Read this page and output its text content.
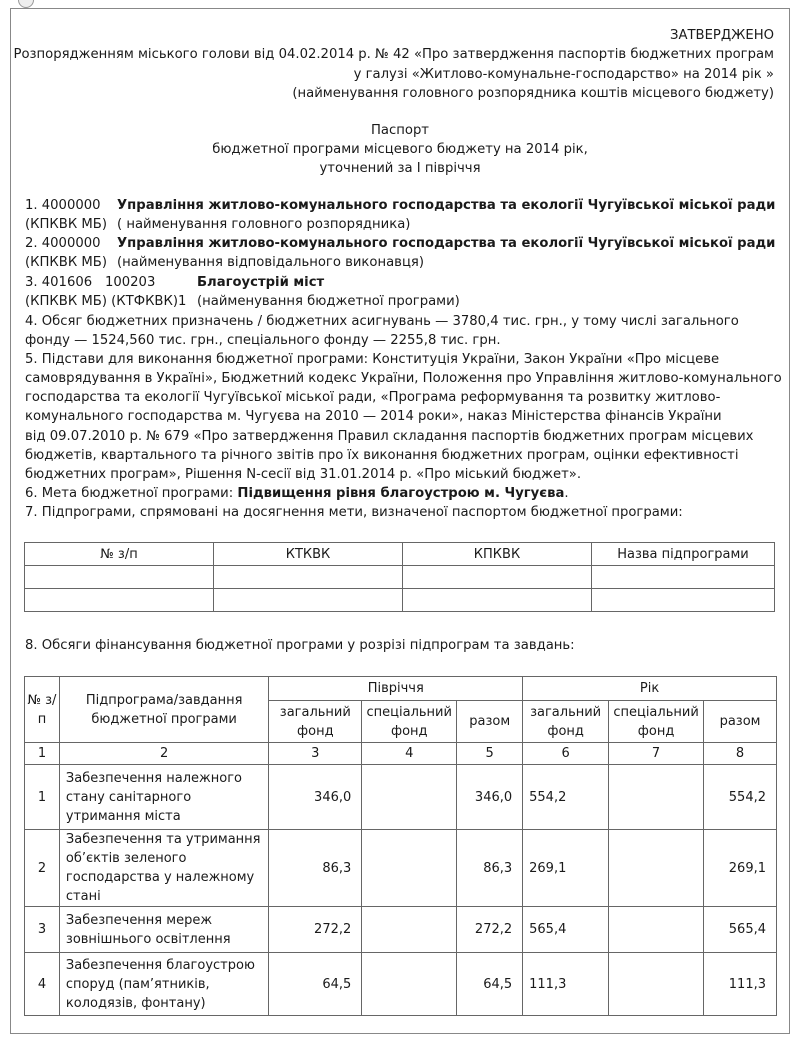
ЗАТВЕРДЖЕНО
Розпорядженням міського голови від 04.02.2014 р. № 42 «Про затвердження паспортів бюджетних програм
у галузі «Житлово-комунальне-господарство» на 2014 рік »
(найменування головного розпорядника коштів місцевого бюджету)
Паспорт
бюджетної програми місцевого бюджету на 2014 рік,
уточнений за I півріччя
1. 4000000 Управління житлово-комунального господарства та екології Чугуївської міської ради
(КПКВК МБ) ( найменування головного розпорядника)
2. 4000000 Управління житлово-комунального господарства та екології Чугуївської міської ради
(КПКВК МБ) (найменування відповідального виконавця)
3. 401606 100203	Благоустрій міст
(КПКВК МБ) (КТФКВК)1 (найменування бюджетної програми)
4. Обсяг бюджетних призначень / бюджетних асигнувань — 3780,4 тис. грн., у тому числі загального
фонду — 1524,560 тис. грн., спеціального фонду — 2255,8 тис. грн.
5. Підстави для виконання бюджетної програми: Конституція України, Закон України «Про місцеве
самоврядування в Україні», Бюджетний кодекс України, Положення про Управління житлово-комунального
господарства та екології Чугуївської міської ради, «Програма реформування та розвитку житлово-
комунального господарства м. Чугуєва на 2010 — 2014 роки», наказ Міністерства фінансів України
від 09.07.2010 р. № 679 «Про затвердження Правил складання паспортів бюджетних програм місцевих
бюджетів, квартального та річного звітів про їх виконання бюджетних програм, оцінки ефективності
бюджетних програм», Рішення N-сесії від 31.01.2014 р. «Про міський бюджет».
6. Мета бюджетної програми: Підвищення рівня благоустрою м. Чугуєва.
7. Підпрограми, спрямовані на досягнення мети, визначеної паспортом бюджетної програми:
№ з/п	КТКВК	КПКВК	Назва підпрограми

8. Обсяги фінансування бюджетної програми у розрізі підпрограм та завдань:
№ з/п	Підпрограма/завдання бюджетної програми	Півріччя			Рік		
		загальний фонд	спеціальний фонд	разом	загальний фонд	спеціальний фонд	разом
1	2	3	4	5	6	7	8
1	Забезпечення належного стану санітарного утримання міста	346,0		346,0	554,2		554,2
2	Забезпечення та утримання об’єктів зеленого господарства у належному стані	86,3		86,3	269,1		269,1
3	Забезпечення мереж зовнішнього освітлення	272,2		272,2	565,4		565,4
4	Забезпечення благоустрою споруд (пам’ятників, колодязів, фонтану)	64,5		64,5	111,3		111,3
